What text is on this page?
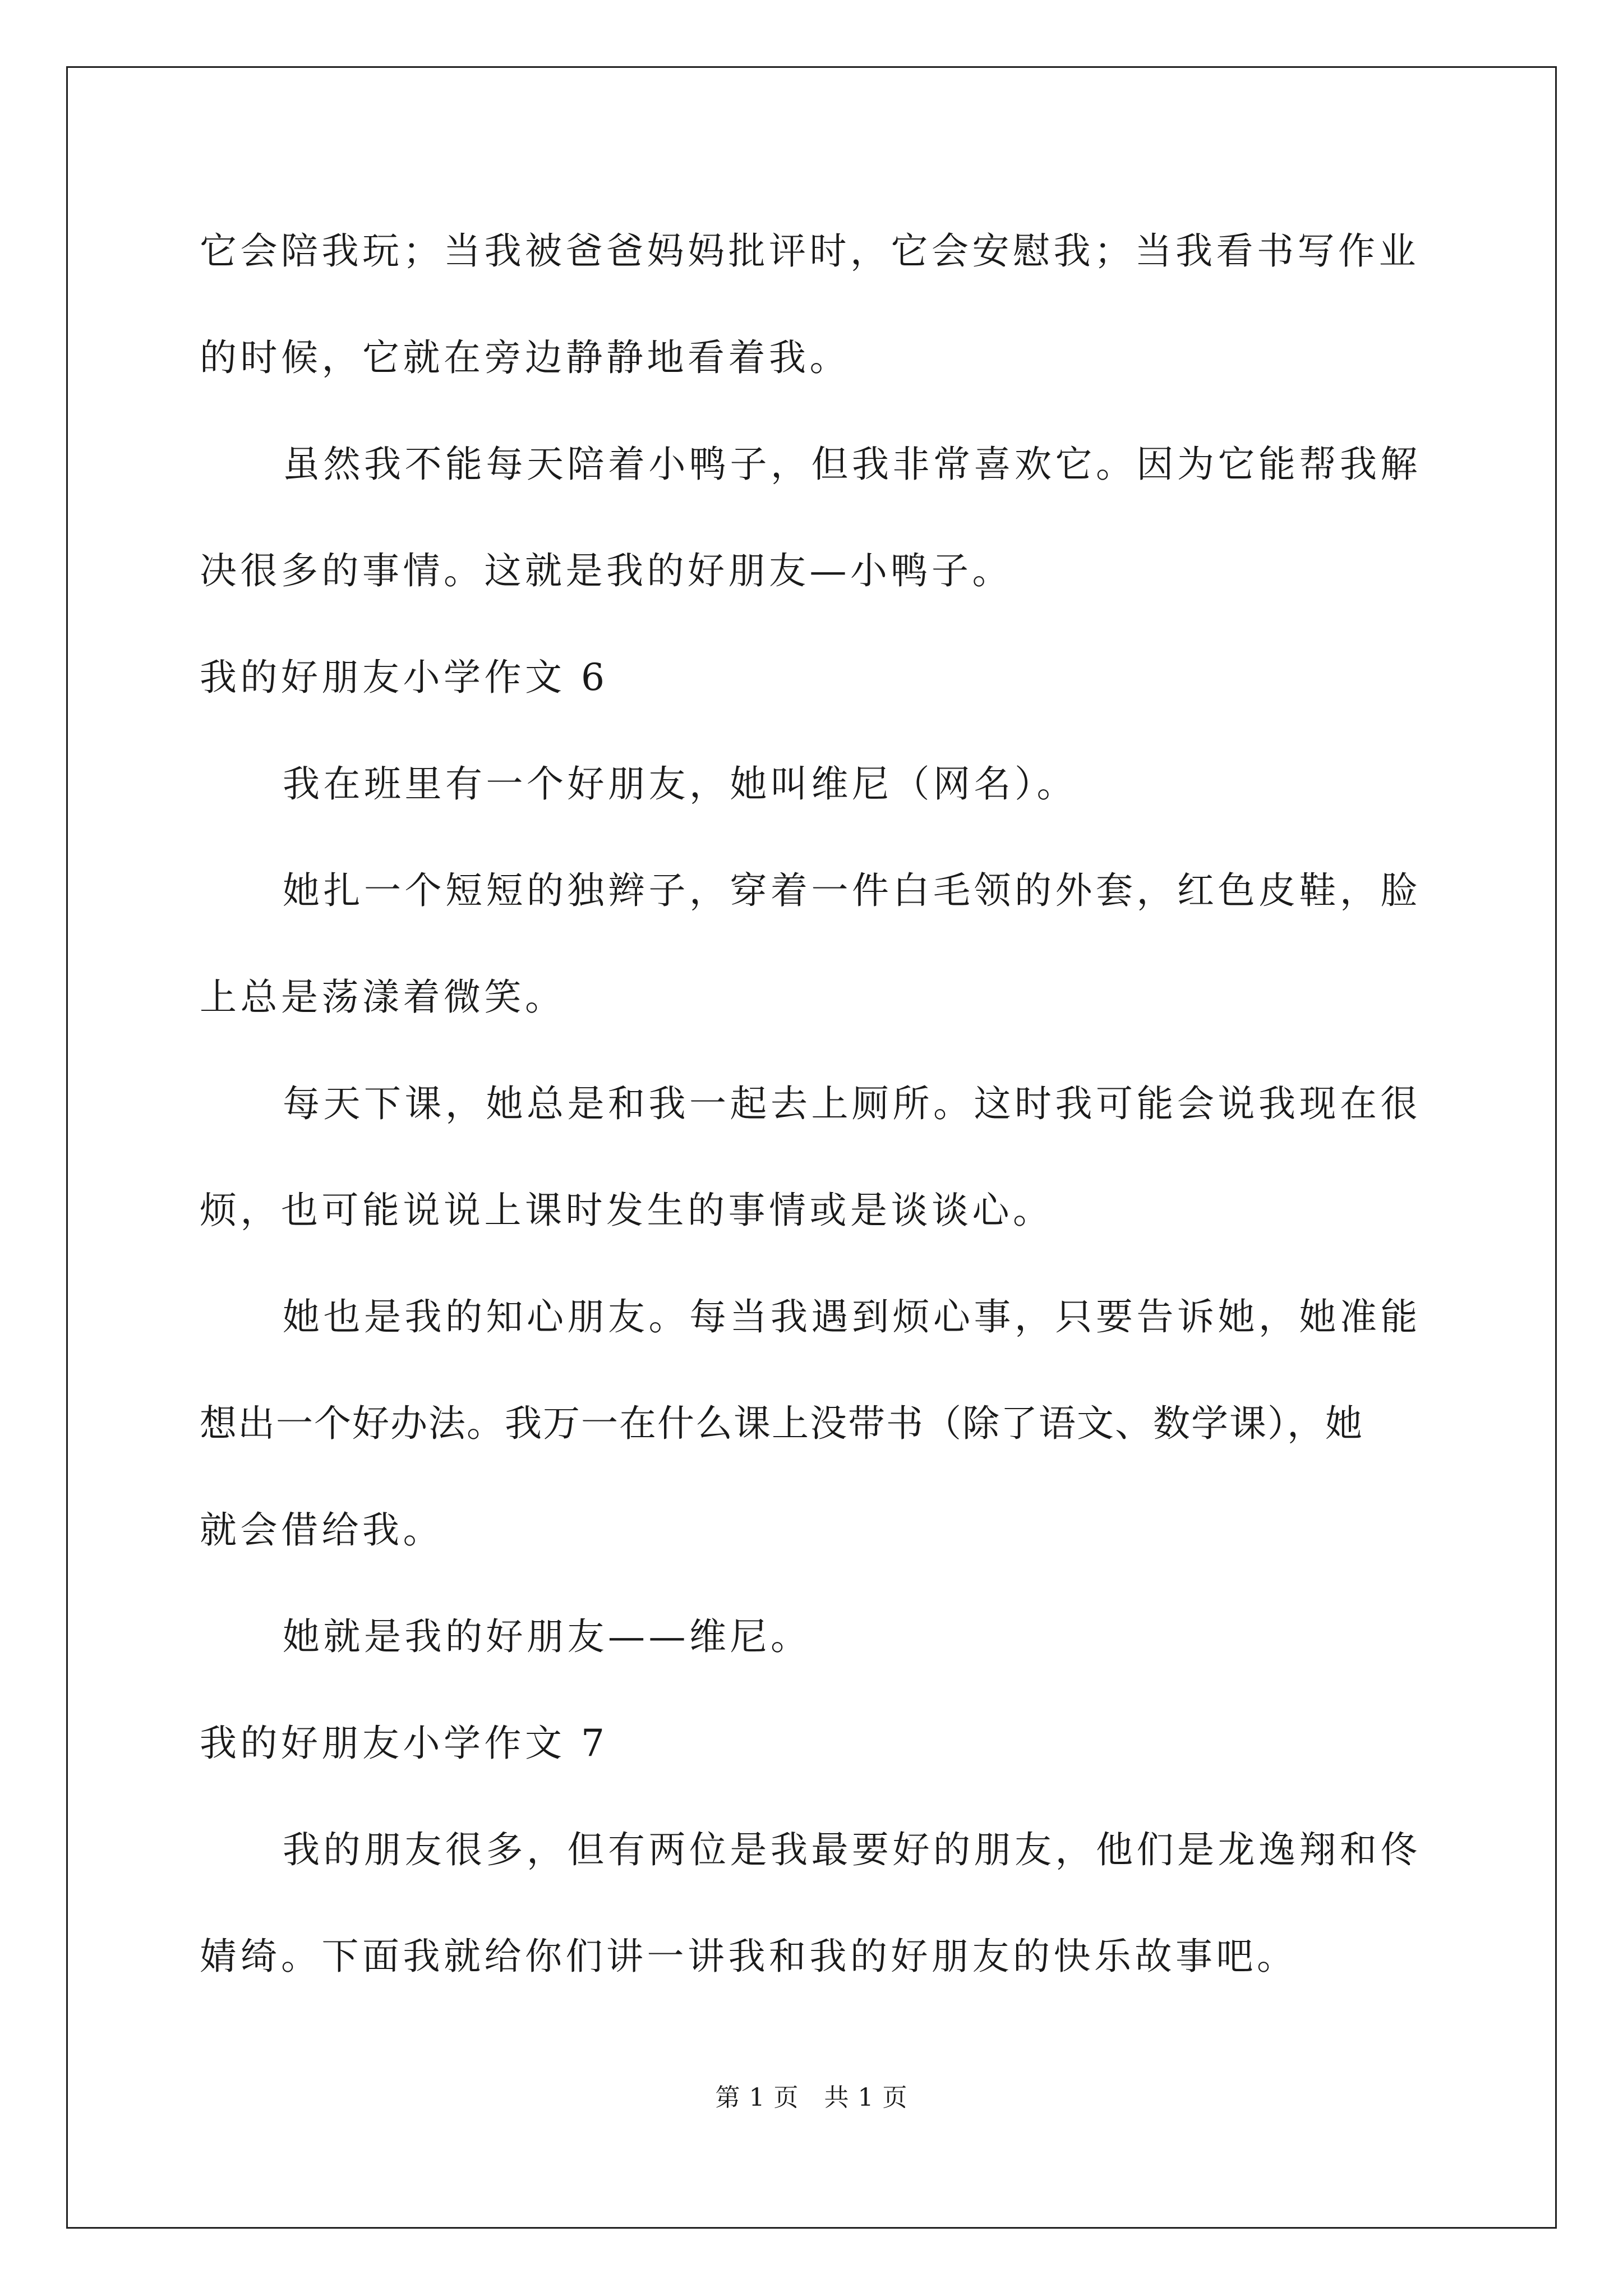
它会陪我玩；当我被爸爸妈妈批评时，它会安慰我；当我看书写作业
的时候，它就在旁边静静地看着我。
虽然我不能每天陪着小鸭子，但我非常喜欢它。因为它能帮我解
决很多的事情。这就是我的好朋友—小鸭子。
我的好朋友小学作文 6
我在班里有一个好朋友，她叫维尼（网名）。
她扎一个短短的独辫子，穿着一件白毛领的外套，红色皮鞋，脸
上总是荡漾着微笑。
每天下课，她总是和我一起去上厕所。这时我可能会说我现在很
烦，也可能说说上课时发生的事情或是谈谈心。
她也是我的知心朋友。每当我遇到烦心事，只要告诉她，她准能
想出一个好办法。我万一在什么课上没带书（除了语文、数学课），她
就会借给我。
她就是我的好朋友——维尼。
我的好朋友小学作文 7
我的朋友很多，但有两位是我最要好的朋友，他们是龙逸翔和佟
婧绮。下面我就给你们讲一讲我和我的好朋友的快乐故事吧。
第 1 页   共 1 页
